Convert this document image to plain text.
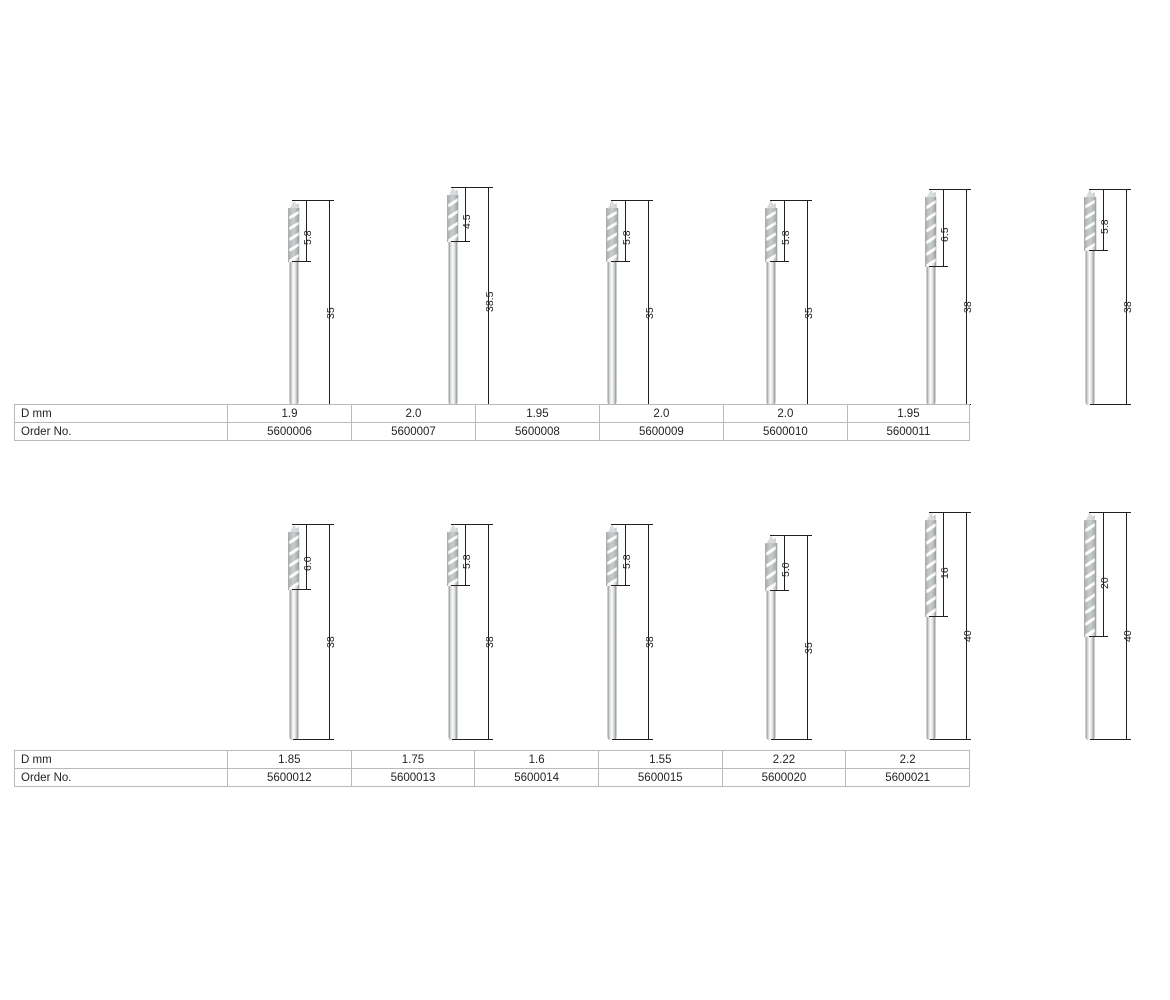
5.8
35
4.5
38.5
5.8
35
5.8
35
6.5
38
5.8
38
D mm	1.9	2.0	1.95	2.0	2.0	1.95
Order No.	5600006	5600007	5600008	5600009	5600010	5600011
6.0
38
5.8
38
5.8
38
5.0
35
16
40
20
40
D mm	1.85	1.75	1.6	1.55	2.22	2.2
Order No.	5600012	5600013	5600014	5600015	5600020	5600021
